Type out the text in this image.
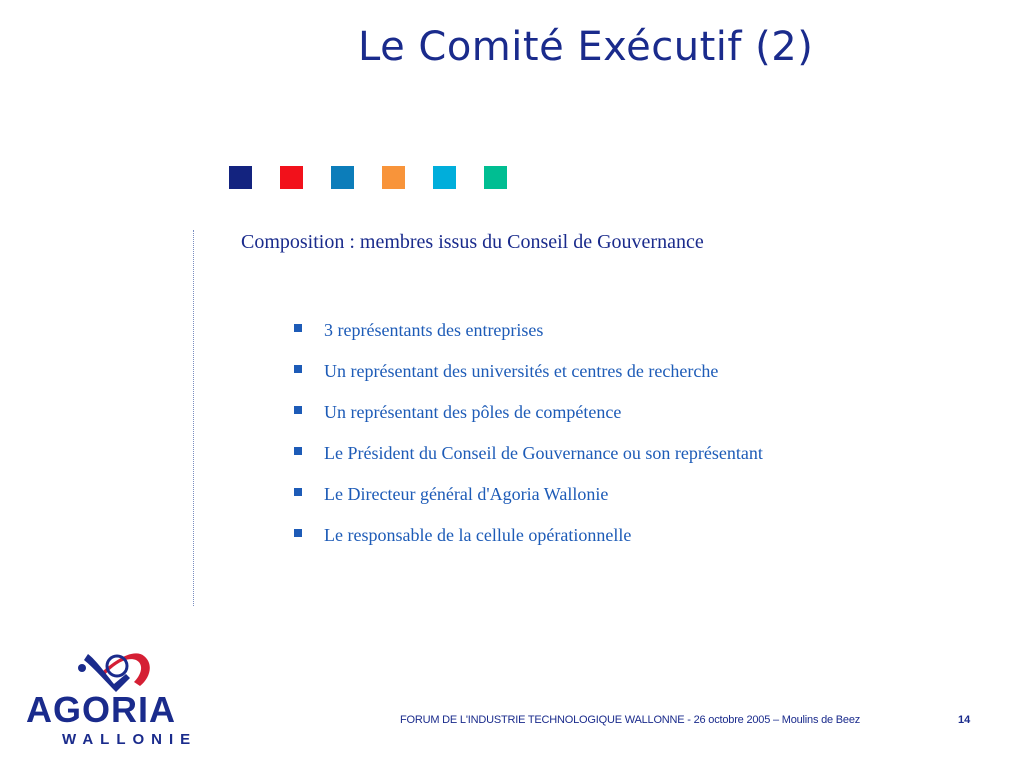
Le Comité Exécutif (2)
Composition : membres issus du Conseil de Gouvernance
3 représentants des entreprises
Un représentant des universités et centres de recherche
Un représentant des pôles de compétence
Le Président du Conseil de Gouvernance ou son représentant
Le Directeur général d'Agoria Wallonie
Le responsable de la cellule opérationnelle
AGORIA
WALLONIE
FORUM DE L'INDUSTRIE TECHNOLOGIQUE WALLONNE - 26 octobre 2005 – Moulins de Beez	14
